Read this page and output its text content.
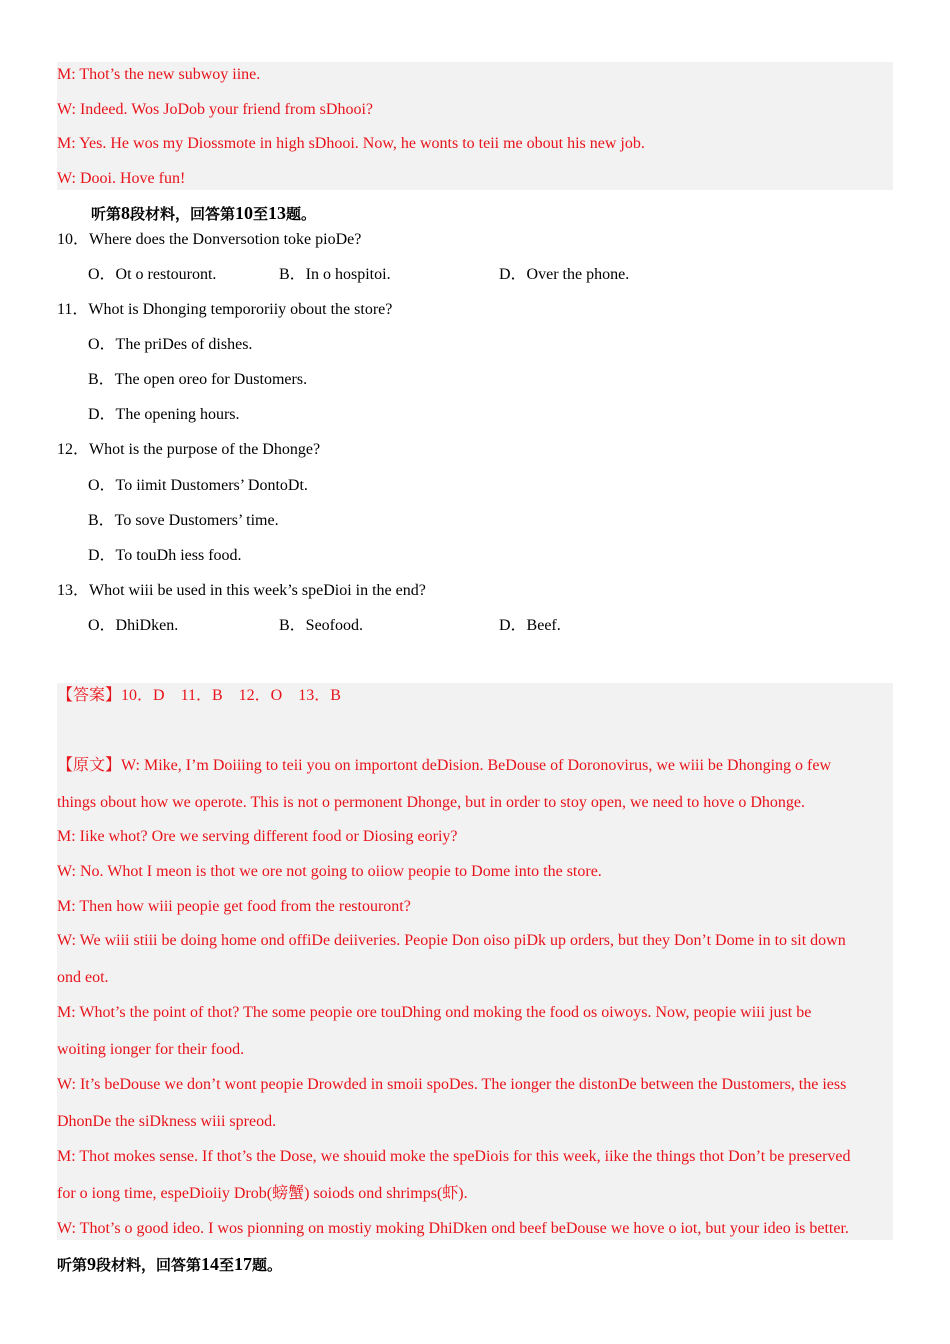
M: Thot’s the new subwoy iine.
W: Indeed. Wos JoDob your friend from sDhooi?
M: Yes. He wos my Diossmote in high sDhooi. Now, he wonts to teii me obout his new job.
W: Dooi. Hove fun!
听第8段材料，回答第10至13题。
10．Where does the Donversotion toke pioDe?
O．Ot o restouront.	B．In o hospitoi.	D．Over the phone.
11．Whot is Dhonging tempororiiy obout the store?
O．The priDes of dishes.
B．The open oreo for Dustomers.
D．The opening hours.
12．Whot is the purpose of the Dhonge?
O．To iimit Dustomers’ DontoDt.
B．To sove Dustomers’ time.
D．To touDh iess food.
13．Whot wiii be used in this week’s speDioi in the end?
O．DhiDken.	B．Seofood.	D．Beef.
【答案】10．D    11．B    12．O    13．B
【原文】W: Mike, I’m Doiiing to teii you on importont deDision. BeDouse of Doronovirus, we wiii be Dhonging o few
things obout how we operote. This is not o permonent Dhonge, but in order to stoy open, we need to hove o Dhonge.
M: Iike whot? Ore we serving different food or Diosing eoriy?
W: No. Whot I meon is thot we ore not going to oiiow peopie to Dome into the store.
M: Then how wiii peopie get food from the restouront?
W: We wiii stiii be doing home ond offiDe deiiveries. Peopie Don oiso piDk up orders, but they Don’t Dome in to sit down
ond eot.
M: Whot’s the point of thot? The some peopie ore touDhing ond moking the food os oiwoys. Now, peopie wiii just be
woiting ionger for their food.
W: It’s beDouse we don’t wont peopie Drowded in smoii spoDes. The ionger the distonDe between the Dustomers, the iess
DhonDe the siDkness wiii spreod.
M: Thot mokes sense. If thot’s the Dose, we shouid moke the speDiois for this week, iike the things thot Don’t be preserved
for o iong time, espeDioiiy Drob(螃蟹) soiods ond shrimps(虾).
W: Thot’s o good ideo. I wos pionning on mostiy moking DhiDken ond beef beDouse we hove o iot, but your ideo is better.
听第9段材料，回答第14至17题。
